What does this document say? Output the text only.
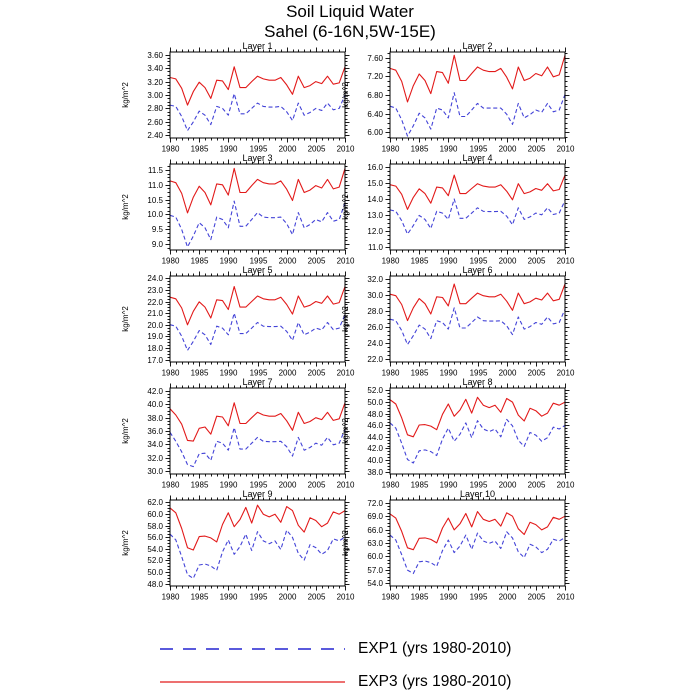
Soil Liquid Water
Sahel (6-16N,5W-15E)
Layer 1
kg/m^2
2.40
2.60
2.80
3.00
3.20
3.40
3.60
1980 1985 1990 1995 2000 2005 2010
Layer 2
kg/m^2
6.00
6.40
6.80
7.20
7.60
1980 1985 1990 1995 2000 2005 2010
Layer 3
kg/m^2
9.0
9.5
10.0
10.5
11.0
11.5
1980 1985 1990 1995 2000 2005 2010
Layer 4
kg/m^2
11.0
12.0
13.0
14.0
15.0
16.0
1980 1985 1990 1995 2000 2005 2010
Layer 5
kg/m^2
17.0
18.0
19.0
20.0
21.0
22.0
23.0
24.0
1980 1985 1990 1995 2000 2005 2010
Layer 6
kg/m^2
22.0
24.0
26.0
28.0
30.0
32.0
1980 1985 1990 1995 2000 2005 2010
Layer 7
kg/m^2
30.0
32.0
34.0
36.0
38.0
40.0
42.0
1980 1985 1990 1995 2000 2005 2010
Layer 8
kg/m^2
38.0
40.0
42.0
44.0
46.0
48.0
50.0
52.0
1980 1985 1990 1995 2000 2005 2010
Layer 9
kg/m^2
48.0
50.0
52.0
54.0
56.0
58.0
60.0
62.0
1980 1985 1990 1995 2000 2005 2010
Layer 10
kg/m^2
54.0
57.0
60.0
63.0
66.0
69.0
72.0
1980 1985 1990 1995 2000 2005 2010
EXP1 (yrs 1980-2010)
EXP3 (yrs 1980-2010)
